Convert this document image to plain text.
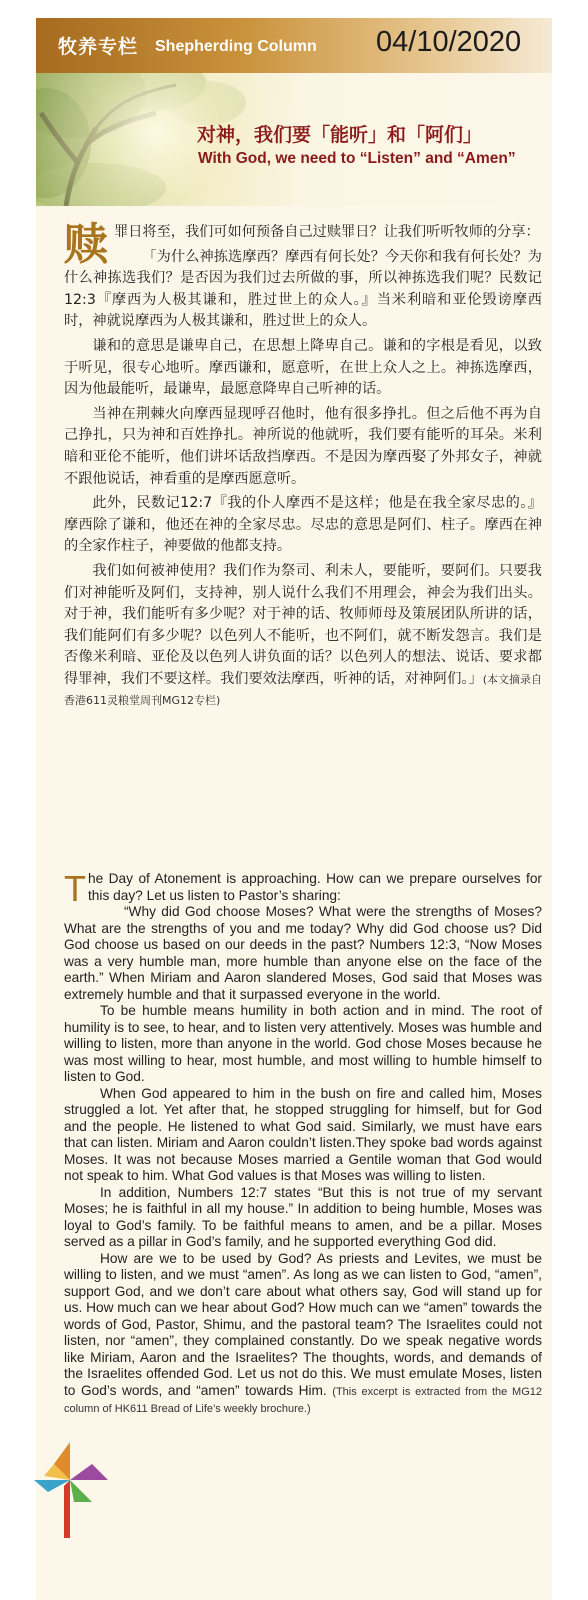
牧养专栏 Shepherding Column 04/10/2020
对神，我们要「能听」和「阿们」
With God, we need to “Listen” and “Amen”

赎罪日将至，我们可如何预备自己过赎罪日？让我们听听牧师的分享：

「为什么神拣选摩西？摩西有何长处？今天你和我有何长处？为什么神拣选我们？是否因为我们过去所做的事，所以神拣选我们呢？民数记12:3『摩西为人极其谦和，胜过世上的众人。』当米利暗和亚伦毁谤摩西时，神就说摩西为人极其谦和，胜过世上的众人。

谦和的意思是谦卑自己，在思想上降卑自己。谦和的字根是看见，以致于听见，很专心地听。摩西谦和，愿意听，在世上众人之上。神拣选摩西，因为他最能听，最谦卑，最愿意降卑自己听神的话。

当神在荆棘火向摩西显现呼召他时，他有很多挣扎。但之后他不再为自己挣扎，只为神和百姓挣扎。神所说的他就听，我们要有能听的耳朵。米利暗和亚伦不能听，他们讲坏话敌挡摩西。不是因为摩西娶了外邦女子，神就不跟他说话，神看重的是摩西愿意听。

此外，民数记12:7『我的仆人摩西不是这样；他是在我全家尽忠的。』摩西除了谦和，他还在神的全家尽忠。尽忠的意思是阿们、柱子。摩西在神的全家作柱子，神要做的他都支持。

我们如何被神使用？我们作为祭司、利未人，要能听，要阿们。只要我们对神能听及阿们，支持神，别人说什么我们不用理会，神会为我们出头。对于神，我们能听有多少呢？对于神的话、牧师师母及策展团队所讲的话，我们能阿们有多少呢？以色列人不能听，也不阿们，就不断发怨言。我们是否像米利暗、亚伦及以色列人讲负面的话？以色列人的想法、说话、要求都得罪神，我们不要这样。我们要效法摩西，听神的话，对神阿们。」(本文摘录自香港611灵粮堂周刊MG12专栏)

The Day of Atonement is approaching. How can we prepare ourselves for this day? Let us listen to Pastor’s sharing:

“Why did God choose Moses? What were the strengths of Moses? What are the strengths of you and me today? Why did God choose us? Did God choose us based on our deeds in the past? Numbers 12:3, “Now Moses was a very humble man, more humble than anyone else on the face of the earth.” When Miriam and Aaron slandered Moses, God said that Moses was extremely humble and that it surpassed everyone in the world.

To be humble means humility in both action and in mind. The root of humility is to see, to hear, and to listen very attentively. Moses was humble and willing to listen, more than anyone in the world. God chose Moses because he was most willing to hear, most humble, and most willing to humble himself to listen to God.

When God appeared to him in the bush on fire and called him, Moses struggled a lot. Yet after that, he stopped struggling for himself, but for God and the people. He listened to what God said. Similarly, we must have ears that can listen. Miriam and Aaron couldn’t listen.They spoke bad words against Moses. It was not because Moses married a Gentile woman that God would not speak to him. What God values is that Moses was willing to listen.

In addition, Numbers 12:7 states “But this is not true of my servant Moses; he is faithful in all my house.” In addition to being humble, Moses was loyal to God’s family. To be faithful means to amen, and be a pillar. Moses served as a pillar in God’s family, and he supported everything God did.

How are we to be used by God? As priests and Levites, we must be willing to listen, and we must “amen”. As long as we can listen to God, “amen”, support God, and we don’t care about what others say, God will stand up for us. How much can we hear about God? How much can we “amen” towards the words of God, Pastor, Shimu, and the pastoral team? The Israelites could not listen, nor “amen”, they complained constantly. Do we speak negative words like Miriam, Aaron and the Israelites? The thoughts, words, and demands of the Israelites offended God. Let us not do this. We must emulate Moses, listen to God’s words, and “amen” towards Him. (This excerpt is extracted from the MG12 column of HK611 Bread of Life’s weekly brochure.)
